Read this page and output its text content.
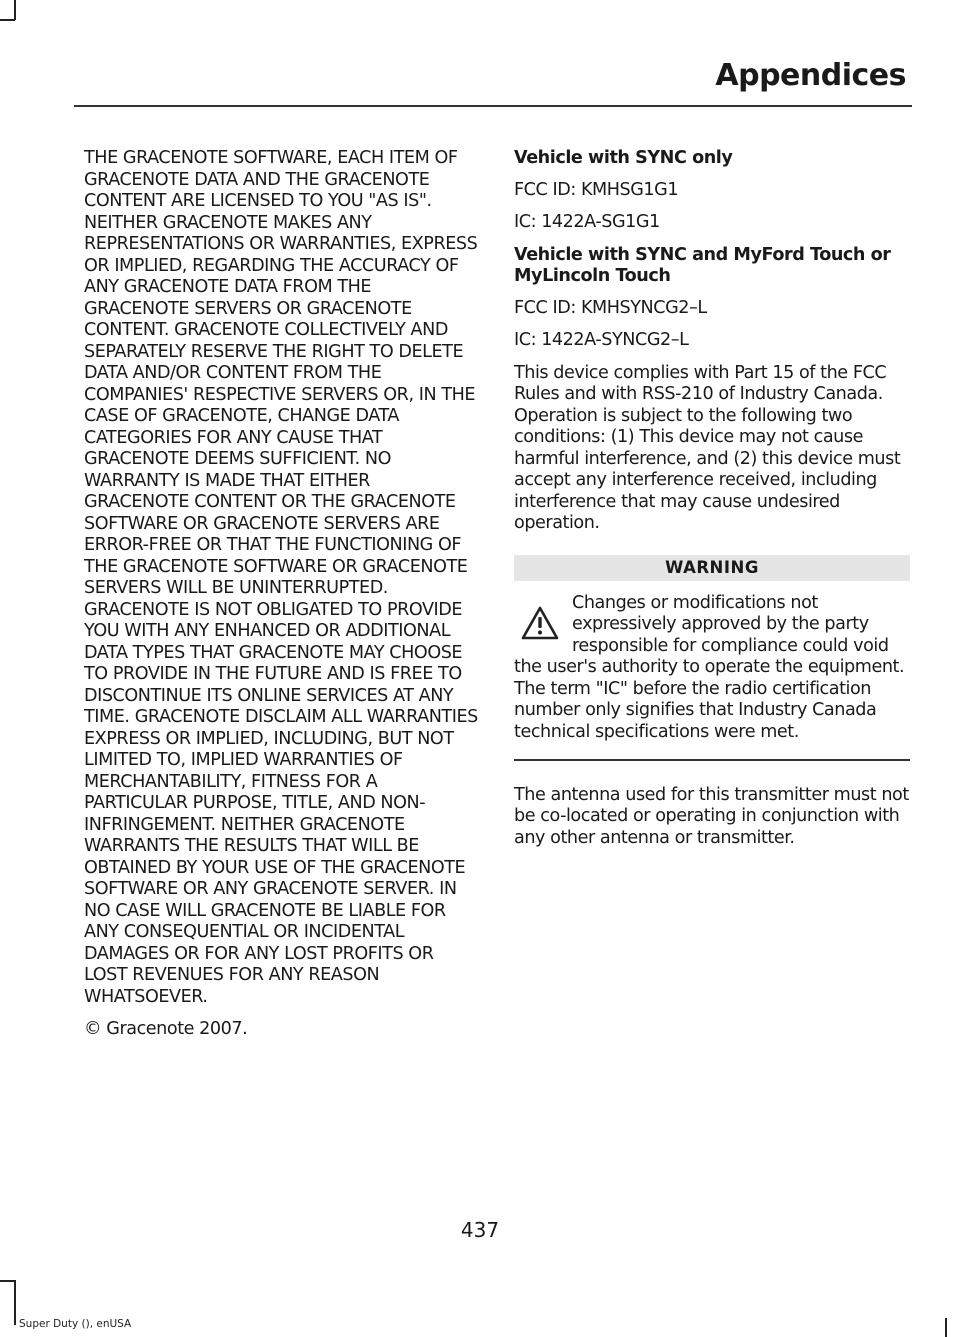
Appendices

THE GRACENOTE SOFTWARE, EACH ITEM OF GRACENOTE DATA AND THE GRACENOTE CONTENT ARE LICENSED TO YOU "AS IS". NEITHER GRACENOTE MAKES ANY REPRESENTATIONS OR WARRANTIES, EXPRESS OR IMPLIED, REGARDING THE ACCURACY OF ANY GRACENOTE DATA FROM THE GRACENOTE SERVERS OR GRACENOTE CONTENT. GRACENOTE COLLECTIVELY AND SEPARATELY RESERVE THE RIGHT TO DELETE DATA AND/OR CONTENT FROM THE COMPANIES' RESPECTIVE SERVERS OR, IN THE CASE OF GRACENOTE, CHANGE DATA CATEGORIES FOR ANY CAUSE THAT GRACENOTE DEEMS SUFFICIENT. NO WARRANTY IS MADE THAT EITHER GRACENOTE CONTENT OR THE GRACENOTE SOFTWARE OR GRACENOTE SERVERS ARE ERROR-FREE OR THAT THE FUNCTIONING OF THE GRACENOTE SOFTWARE OR GRACENOTE SERVERS WILL BE UNINTERRUPTED. GRACENOTE IS NOT OBLIGATED TO PROVIDE YOU WITH ANY ENHANCED OR ADDITIONAL DATA TYPES THAT GRACENOTE MAY CHOOSE TO PROVIDE IN THE FUTURE AND IS FREE TO DISCONTINUE ITS ONLINE SERVICES AT ANY TIME. GRACENOTE DISCLAIM ALL WARRANTIES EXPRESS OR IMPLIED, INCLUDING, BUT NOT LIMITED TO, IMPLIED WARRANTIES OF MERCHANTABILITY, FITNESS FOR A PARTICULAR PURPOSE, TITLE, AND NON-INFRINGEMENT. NEITHER GRACENOTE WARRANTS THE RESULTS THAT WILL BE OBTAINED BY YOUR USE OF THE GRACENOTE SOFTWARE OR ANY GRACENOTE SERVER. IN NO CASE WILL GRACENOTE BE LIABLE FOR ANY CONSEQUENTIAL OR INCIDENTAL DAMAGES OR FOR ANY LOST PROFITS OR LOST REVENUES FOR ANY REASON WHATSOEVER.

© Gracenote 2007.

Vehicle with SYNC only

FCC ID: KMHSG1G1

IC: 1422A-SG1G1

Vehicle with SYNC and MyFord Touch or MyLincoln Touch

FCC ID: KMHSYNCG2–L

IC: 1422A-SYNCG2–L

This device complies with Part 15 of the FCC Rules and with RSS-210 of Industry Canada. Operation is subject to the following two conditions: (1) This device may not cause harmful interference, and (2) this device must accept any interference received, including interference that may cause undesired operation.

WARNING
Changes or modifications not expressively approved by the party responsible for compliance could void the user's authority to operate the equipment. The term "IC" before the radio certification number only signifies that Industry Canada technical specifications were met.

The antenna used for this transmitter must not be co-located or operating in conjunction with any other antenna or transmitter.

437
Super Duty (), enUSA
